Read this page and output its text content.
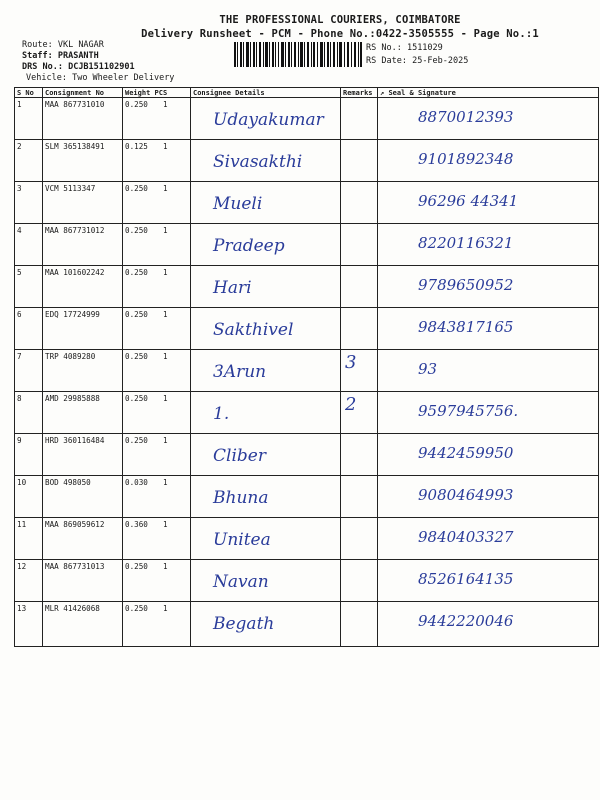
THE PROFESSIONAL COURIERS, COIMBATORE
Delivery Runsheet - PCM - Phone No.:0422-3505555 - Page No.:1
Route: VKL NAGAR
Staff: PRASANTH
DRS No.: DCJB151102901
Vehicle: Two Wheeler Delivery
RS No.: 1511029
RS Date: 25-Feb-2025
S No	Consignment No	Weight PCS	Consignee Details	Remarks	↗ Seal & Signature
1	MAA 867731010	0.250 1	Udayakumar		8870012393

2	SLM 365138491	0.125 1	Sivasakthi		9101892348

3	VCM 5113347	0.250 1	Mueli		96296 44341

4	MAA 867731012	0.250 1	Pradeep		8220116321

5	MAA 101602242	0.250 1	Hari		9789650952

6	EDQ 17724999	0.250 1	Sakthivel		9843817165

7	TRP 4089280	0.250 1	3Arun	3	93

8	AMD 29985888	0.250 1	1.	2	9597945756.

9	HRD 360116484	0.250 1	Cliber		9442459950

10	BOD 498050	0.030 1	Bhuna		9080464993

11	MAA 869059612	0.360 1	Unitea		9840403327

12	MAA 867731013	0.250 1	Navan		8526164135

13	MLR 41426068	0.250 1	Begath		9442220046
